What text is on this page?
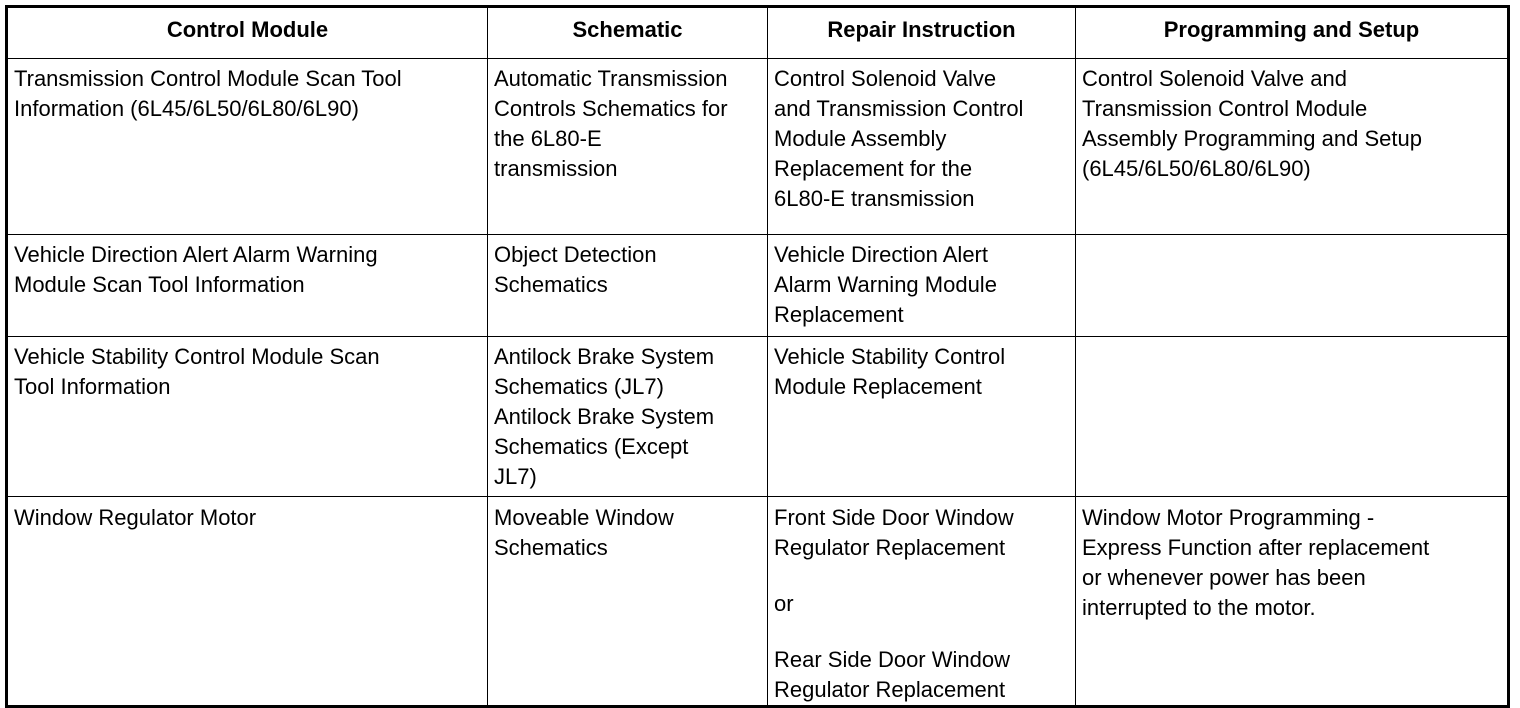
Control Module	Schematic	Repair Instruction	Programming and Setup

Transmission Control Module Scan Tool
Information (6L45/6L50/6L80/6L90)	Automatic Transmission
Controls Schematics for
the 6L80-E
transmission	Control Solenoid Valve
and Transmission Control
Module Assembly
Replacement for the
6L80-E transmission	Control Solenoid Valve and
Transmission Control Module
Assembly Programming and Setup
(6L45/6L50/6L80/6L90)

Vehicle Direction Alert Alarm Warning
Module Scan Tool Information	Object Detection
Schematics	Vehicle Direction Alert
Alarm Warning Module
Replacement	

Vehicle Stability Control Module Scan
Tool Information	Antilock Brake System
Schematics (JL7)
Antilock Brake System
Schematics (Except
JL7)	Vehicle Stability Control
Module Replacement	

Window Regulator Motor	Moveable Window
Schematics	Front Side Door Window
Regulator Replacement
or
Rear Side Door Window
Regulator Replacement	Window Motor Programming -
Express Function after replacement
or whenever power has been
interrupted to the motor.
